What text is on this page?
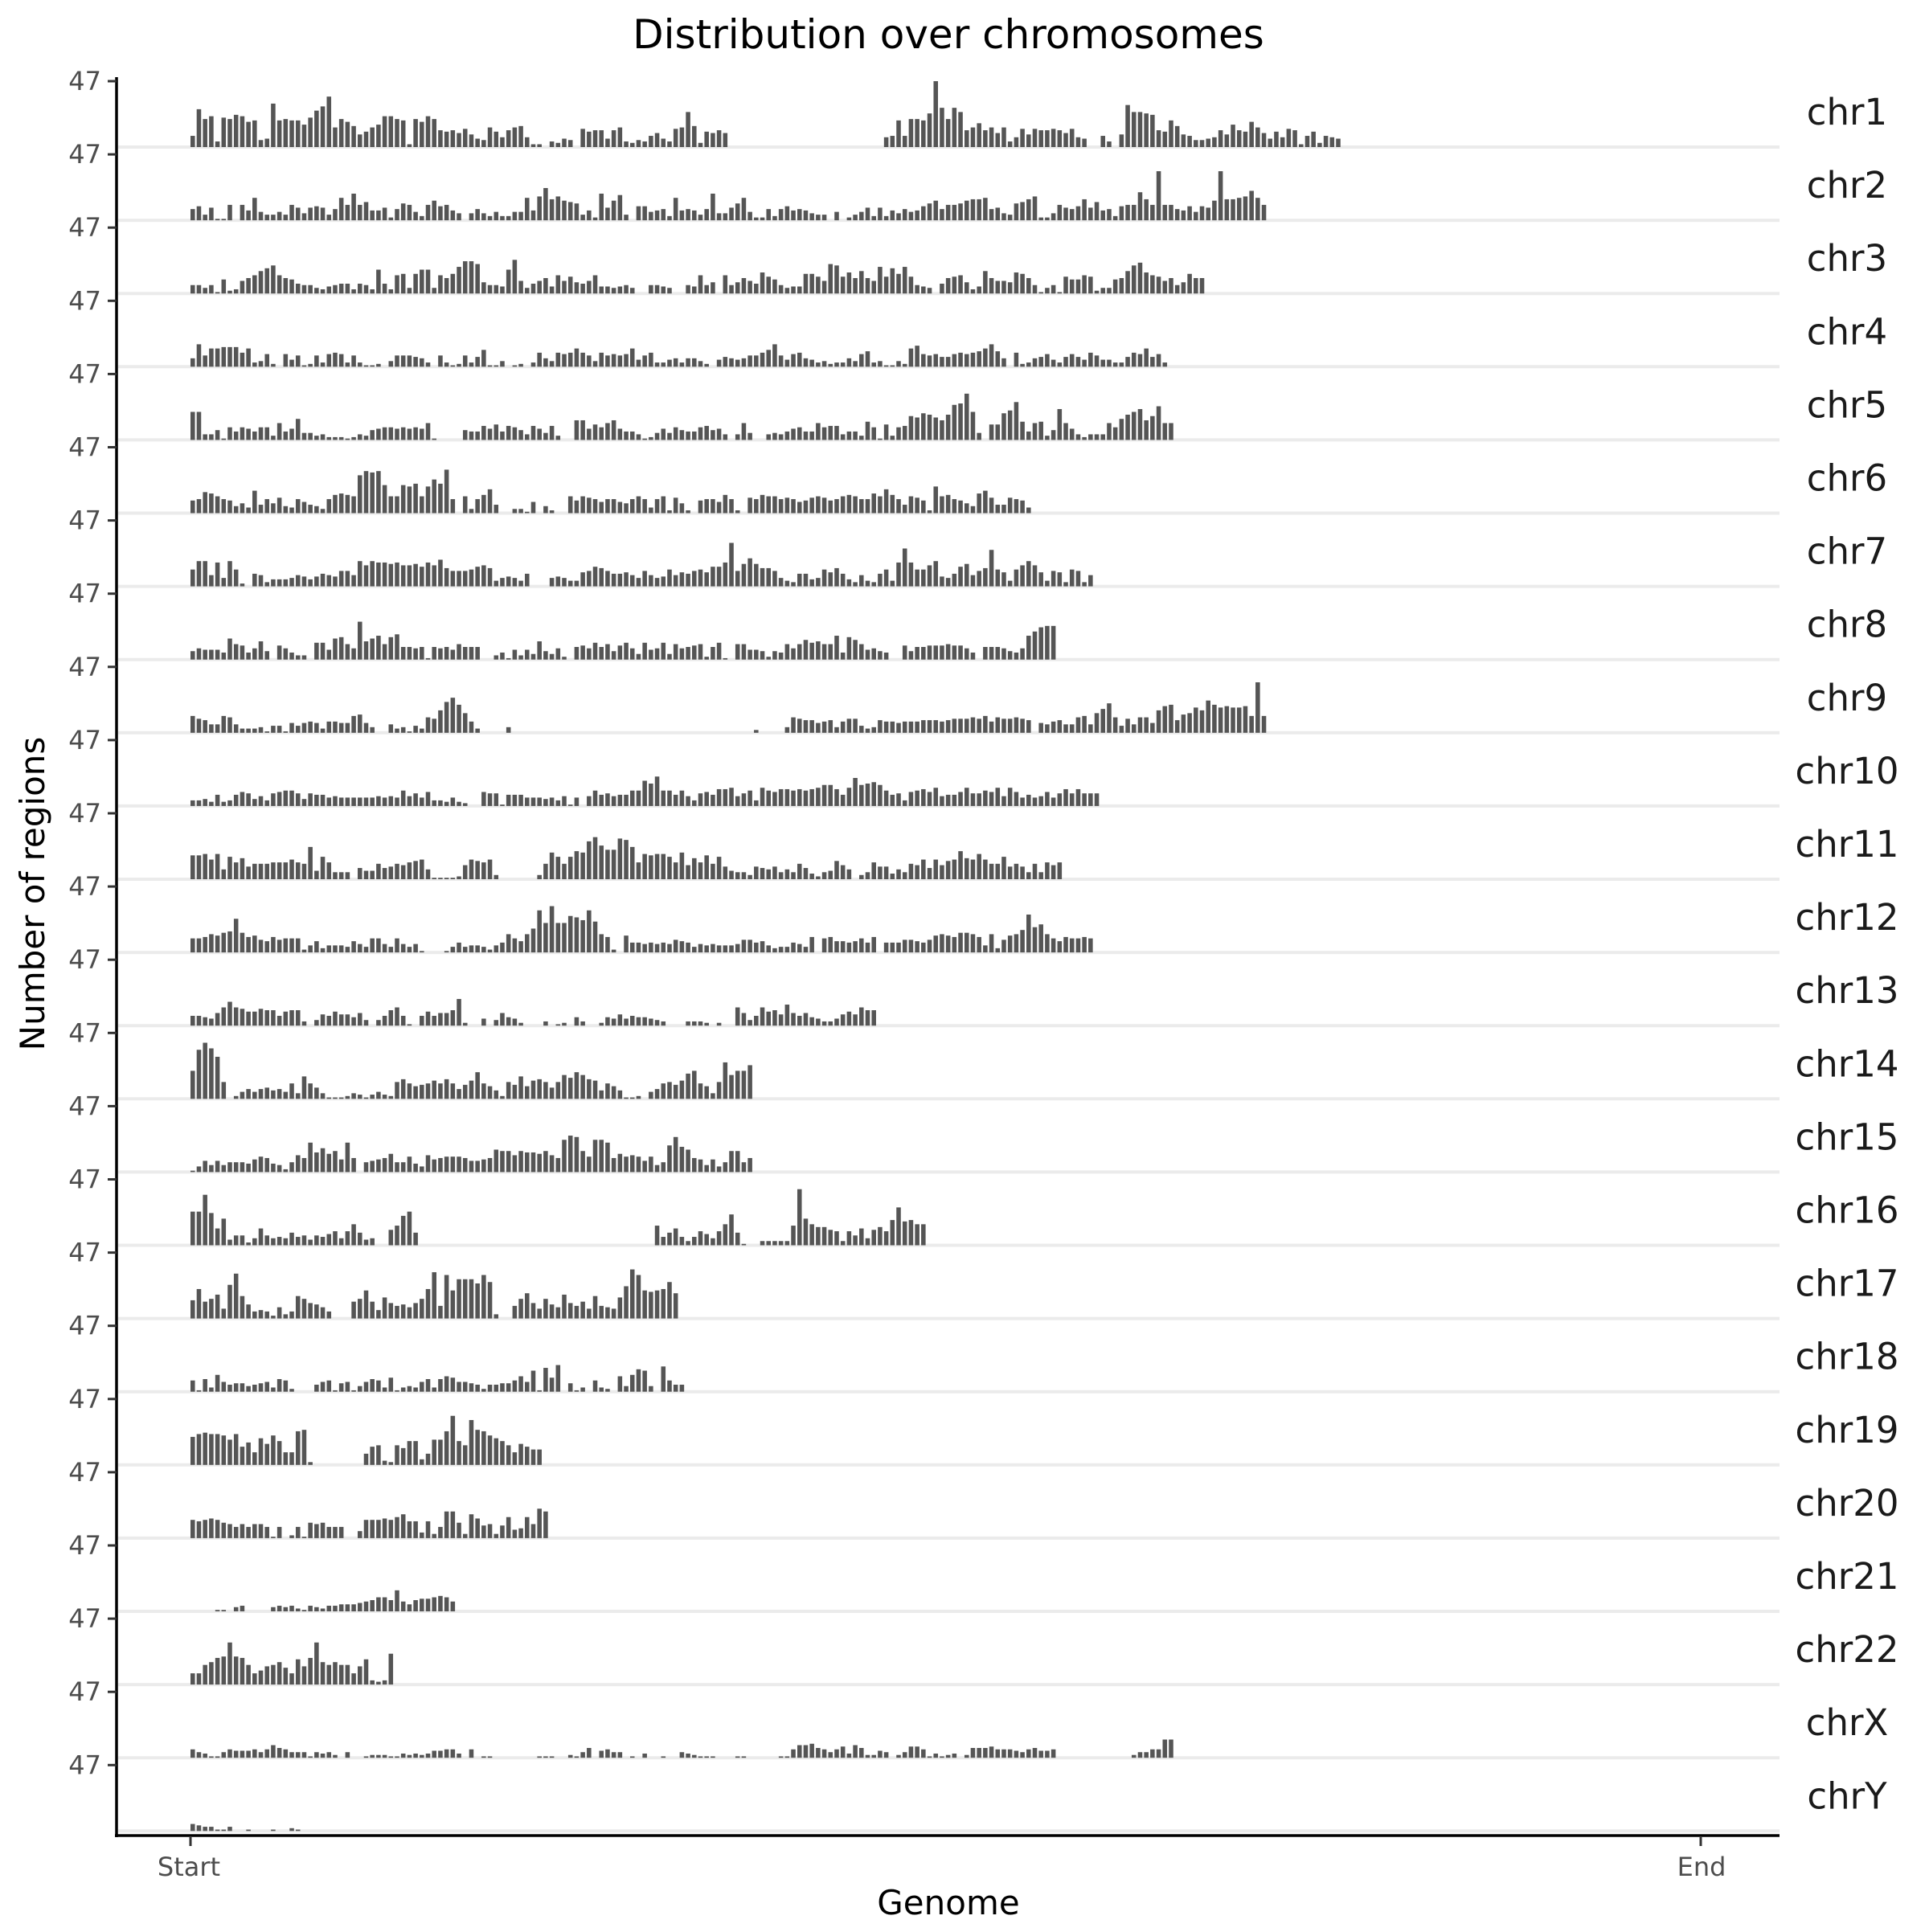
Distribution over chromosomes
Number of regions
Genome
chr1
chr2
chr3
chr4
chr5
chr6
chr7
chr8
chr9
chr10
chr11
chr12
chr13
chr14
chr15
chr16
chr17
chr18
chr19
chr20
chr21
chr22
chrX
chrY
Start	End
47
47
47
47
47
47
47
47
47
47
47
47
47
47
47
47
47
47
47
47
47
47
47
47
